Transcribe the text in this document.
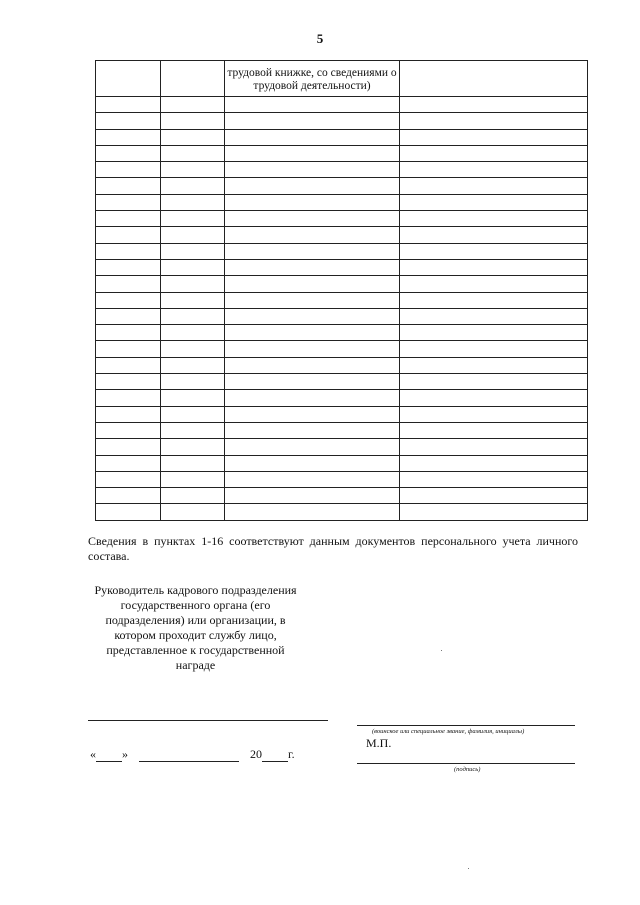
5
		трудовой книжке, со сведениями о трудовой деятельности)	

Сведения в пунктах 1-16 соответствуют данным документов персонального учета личного состава.
Руководитель кадрового подразделения государственного органа (его подразделения) или организации, в котором проходит службу лицо, представленное к государственной награде
(воинское или специальное звание, фамилия, инициалы)
М.П.
(подпись)
« »	20 г.
